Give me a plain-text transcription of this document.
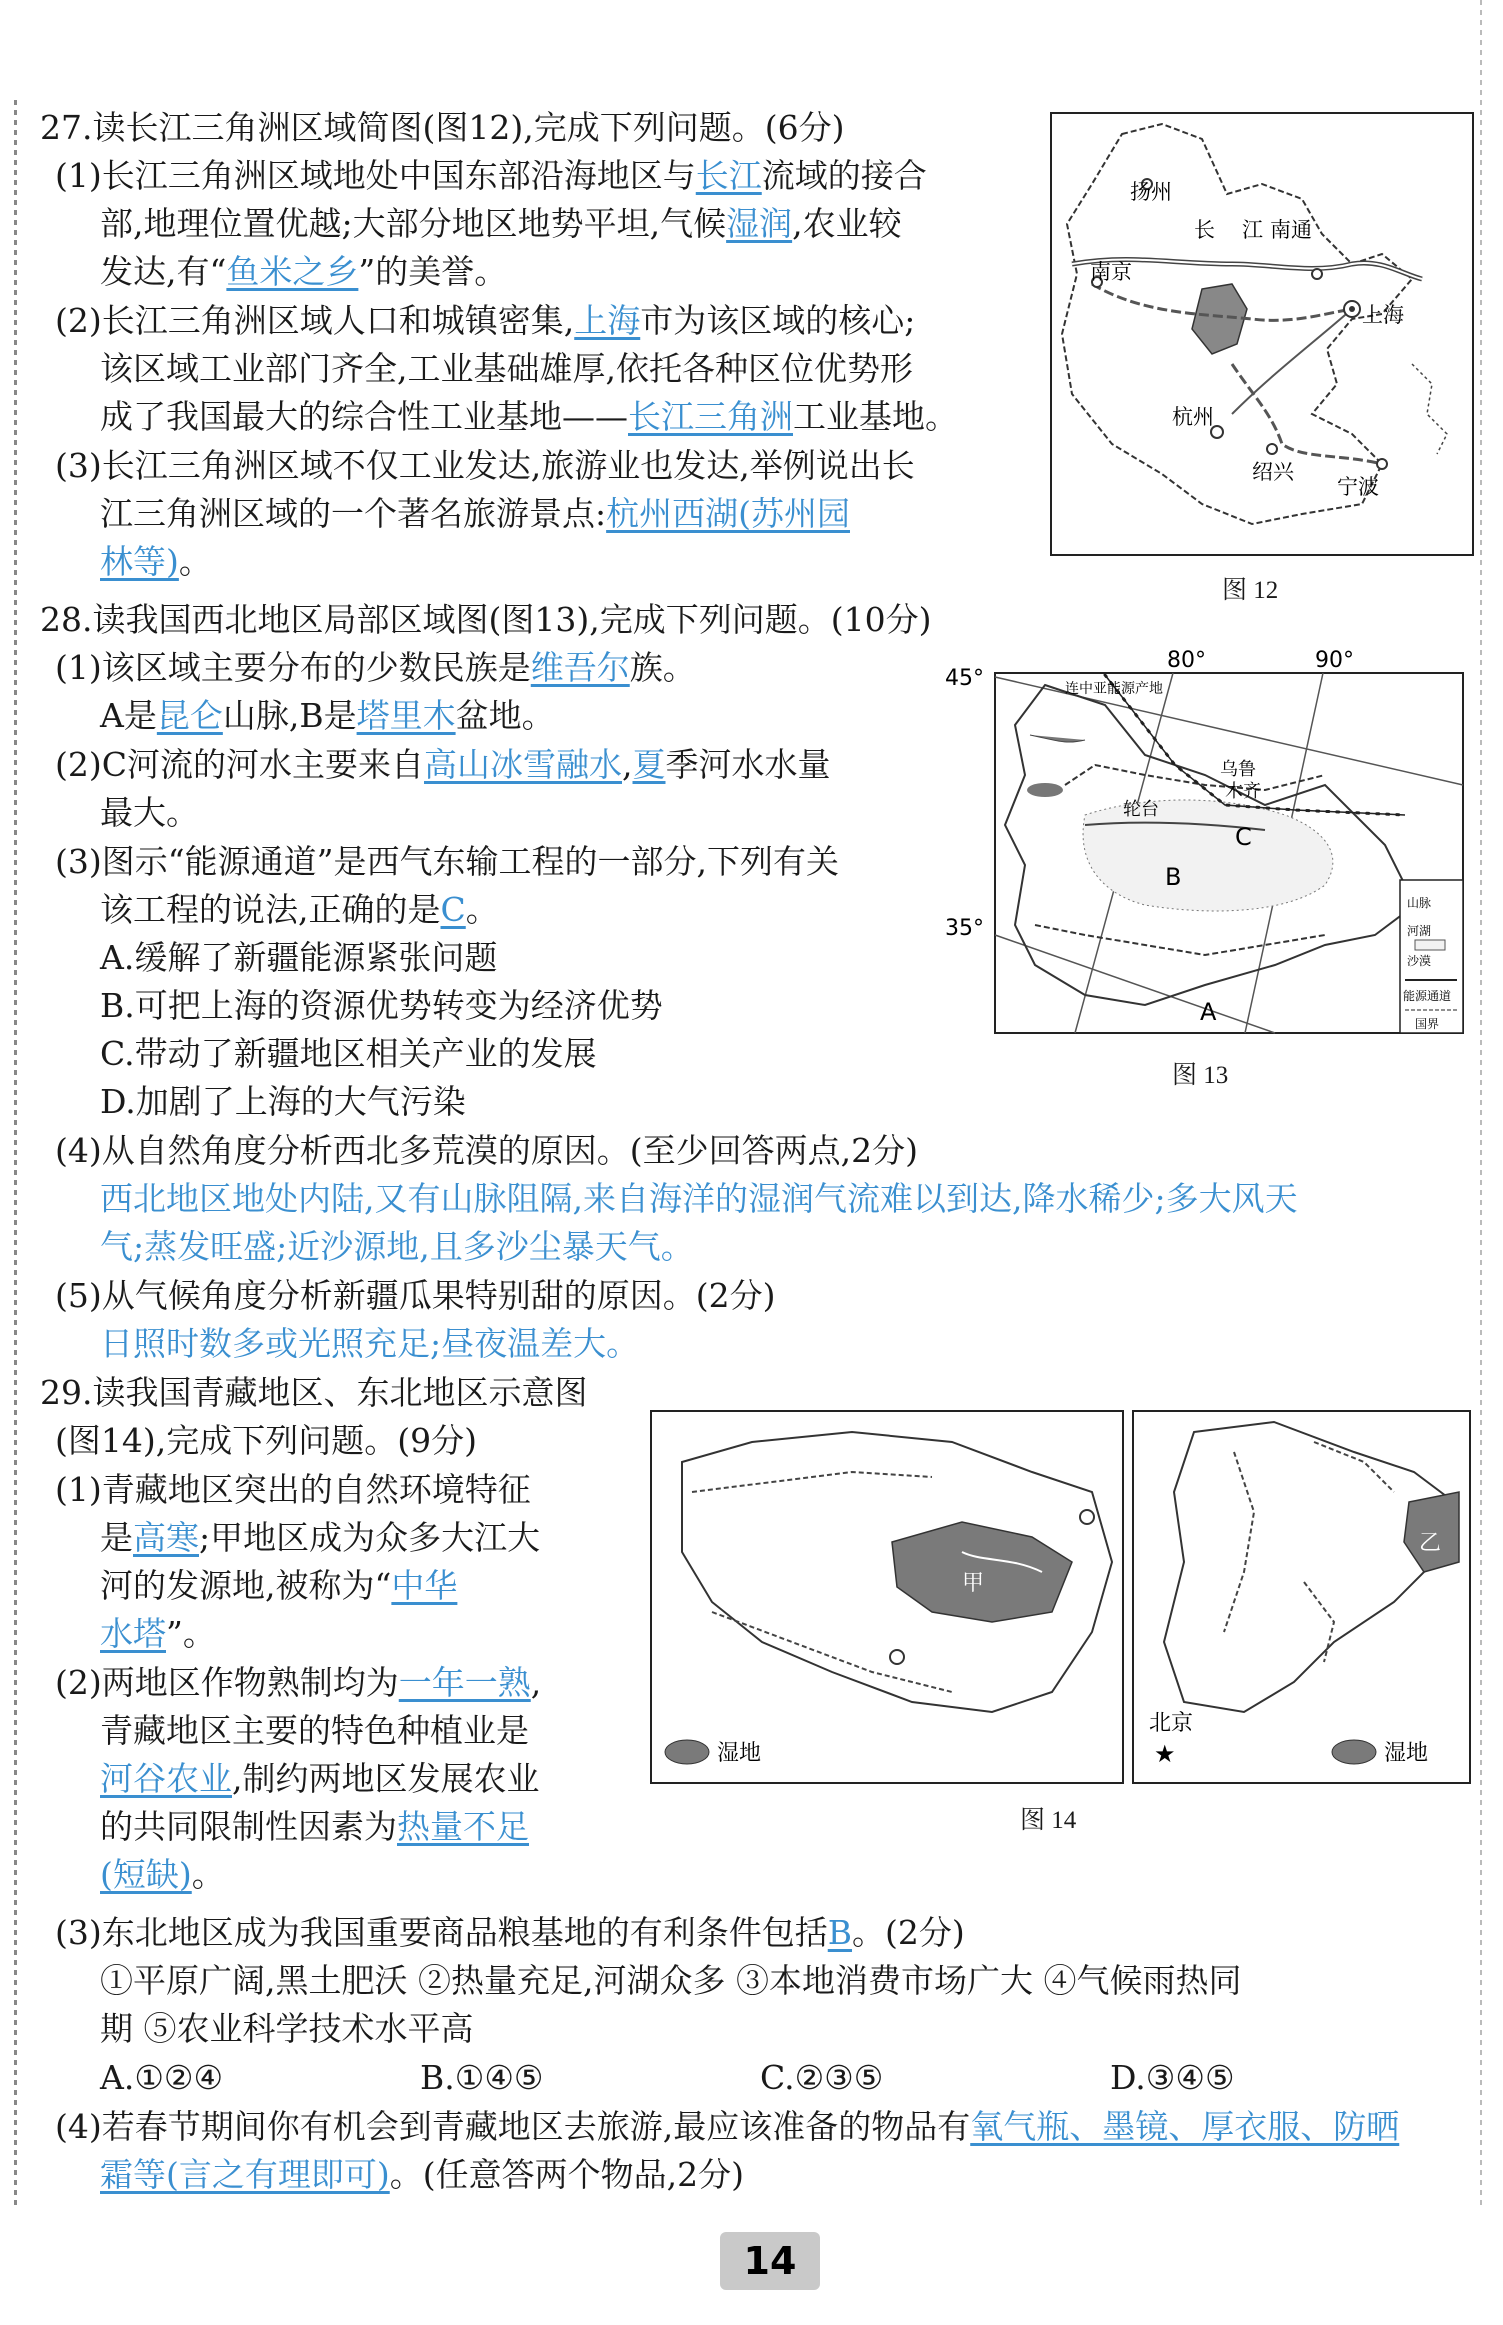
27.读长江三角洲区域简图(图12),完成下列问题。(6分)
(1)长江三角洲区域地处中国东部沿海地区与长江流域的接合
部,地理位置优越;大部分地区地势平坦,气候湿润,农业较
发达,有“鱼米之乡”的美誉。
(2)长江三角洲区域人口和城镇密集,上海市为该区域的核心;
该区域工业部门齐全,工业基础雄厚,依托各种区位优势形
成了我国最大的综合性工业基地——长江三角洲工业基地。
(3)长江三角洲区域不仅工业发达,旅游业也发达,举例说出长
江三角洲区域的一个著名旅游景点:杭州西湖(苏州园
林等)。
扬州
长 江 南通
南京
上海
杭州
绍兴
宁波
图 12
28.读我国西北地区局部区域图(图13),完成下列问题。(10分)
(1)该区域主要分布的少数民族是维吾尔族。
A是昆仑山脉,B是塔里木盆地。
(2)C河流的河水主要来自高山冰雪融水,夏季河水水量
最大。
(3)图示“能源通道”是西气东输工程的一部分,下列有关
该工程的说法,正确的是C。
A.缓解了新疆能源紧张问题
B.可把上海的资源优势转变为经济优势
C.带动了新疆地区相关产业的发展
D.加剧了上海的大气污染
(4)从自然角度分析西北多荒漠的原因。(至少回答两点,2分)
西北地区地处内陆,又有山脉阻隔,来自海洋的湿润气流难以到达,降水稀少;多大风天
气;蒸发旺盛;近沙源地,且多沙尘暴天气。
(5)从气候角度分析新疆瓜果特别甜的原因。(2分)
日照时数多或光照充足;昼夜温差大。
45°
35°
80°	90°
连中亚能源产地
乌鲁
木齐
轮台
C
B
A
山脉
河湖
沙漠
能源通道
国界
图 13
29.读我国青藏地区、东北地区示意图
(图14),完成下列问题。(9分)
(1)青藏地区突出的自然环境特征
是高寒;甲地区成为众多大江大
河的发源地,被称为“中华
水塔”。
(2)两地区作物熟制均为一年一熟,
青藏地区主要的特色种植业是
河谷农业,制约两地区发展农业
的共同限制性因素为热量不足
(短缺)。
甲
湿地
乙
北京
★	湿地
图 14
(3)东北地区成为我国重要商品粮基地的有利条件包括B。(2分)
①平原广阔,黑土肥沃 ②热量充足,河湖众多 ③本地消费市场广大 ④气候雨热同
期 ⑤农业科学技术水平高
A.①②④	B.①④⑤	C.②③⑤	D.③④⑤
(4)若春节期间你有机会到青藏地区去旅游,最应该准备的物品有氧气瓶、墨镜、厚衣服、防晒
霜等(言之有理即可)。(任意答两个物品,2分)
14
